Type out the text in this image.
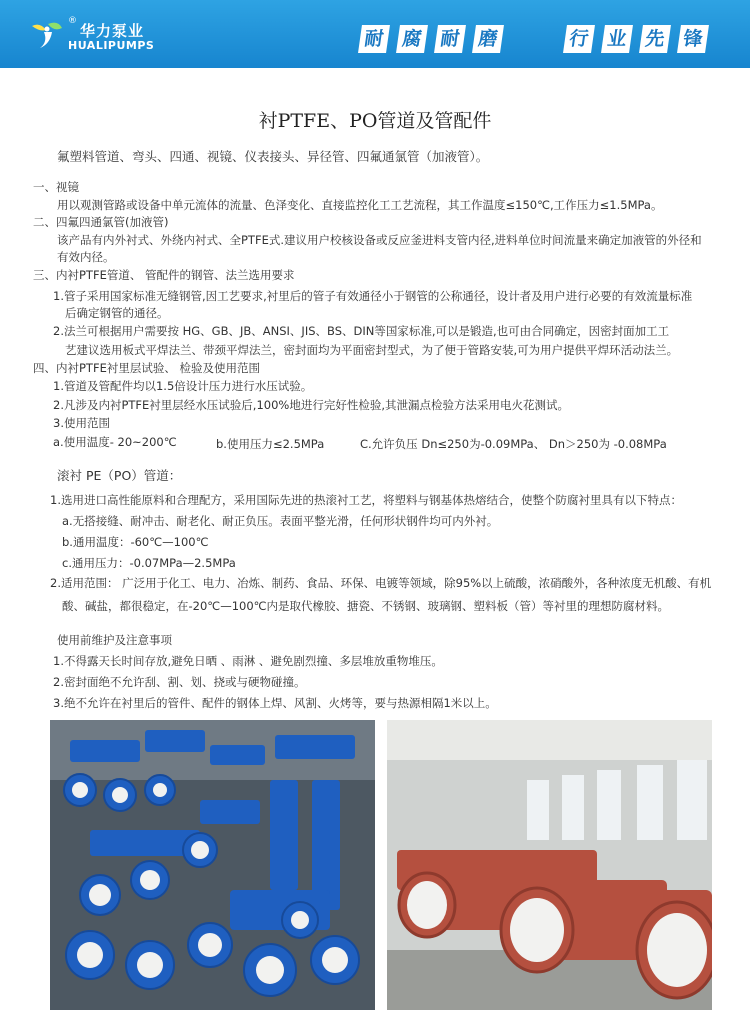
®
华力泵业
HUALIPUMPS	耐 腐 耐 磨	行 业 先 锋
衬PTFE、PO管道及管配件
氟塑料管道、弯头、四通、视镜、仪表接头、异径管、四氟通氯管（加液管）。
一、视镜
用以观测管路或设备中单元流体的流量、色泽变化、直接监控化工工艺流程，其工作温度≤150℃,工作压力≤1.5MPa。
二、四氟四通氯管(加液管)
该产品有内外衬式、外绕内衬式、全PTFE式.建议用户校核设备或反应釜进料支管内径,进料单位时间流量来确定加液管的外径和
有效内径。
三、内衬PTFE管道、 管配件的钢管、法兰选用要求
1.管子采用国家标准无缝钢管,因工艺要求,衬里后的管子有效通径小于钢管的公称通径，设计者及用户进行必要的有效流量标准
后确定钢管的通径。
2.法兰可根据用户需要按 HG、GB、JB、ANSI、JIS、BS、DIN等国家标准,可以是锻造,也可由合同确定，因密封面加工工
艺建议选用板式平焊法兰、带颈平焊法兰，密封面均为平面密封型式，为了便于管路安装,可为用户提供平焊环活动法兰。
四、内衬PTFE衬里层试验、 检验及使用范围
1.管道及管配件均以1.5倍设计压力进行水压试验。
2.凡涉及内衬PTFE衬里层经水压试验后,100%地进行完好性检验,其泄漏点检验方法采用电火花测试。
3.使用范围
a.使用温度- 20~200℃	b.使用压力≤2.5MPa	C.允许负压 Dn≤250为-0.09MPa、 Dn＞250为 -0.08MPa
滚衬 PE（PO）管道：
1.选用进口高性能原料和合理配方，采用国际先进的热滚衬工艺，将塑料与钢基体热熔结合，使整个防腐衬里具有以下特点：
a.无搭接缝、耐冲击、耐老化、耐正负压。表面平整光滑，任何形状钢件均可内外衬。
b.通用温度：-60℃—100℃
c.通用压力：-0.07MPa—2.5MPa
2.适用范围： 广泛用于化工、电力、冶炼、制药、食品、环保、电镀等领域，除95%以上硫酸，浓硝酸外，各种浓度无机酸、有机
酸、碱盐，都很稳定，在-20℃—100℃内是取代橡胶、搪瓷、不锈钢、玻璃钢、塑料板（管）等衬里的理想防腐材料。
使用前维护及注意事项
1.不得露天长时间存放,避免日晒 、雨淋 、避免剧烈撞、多层堆放重物堆压。
2.密封面绝不允许刮、割、划、挠或与硬物碰撞。
3.绝不允许在衬里后的管件、配件的钢体上焊、风割、火烤等，要与热源相隔1米以上。
